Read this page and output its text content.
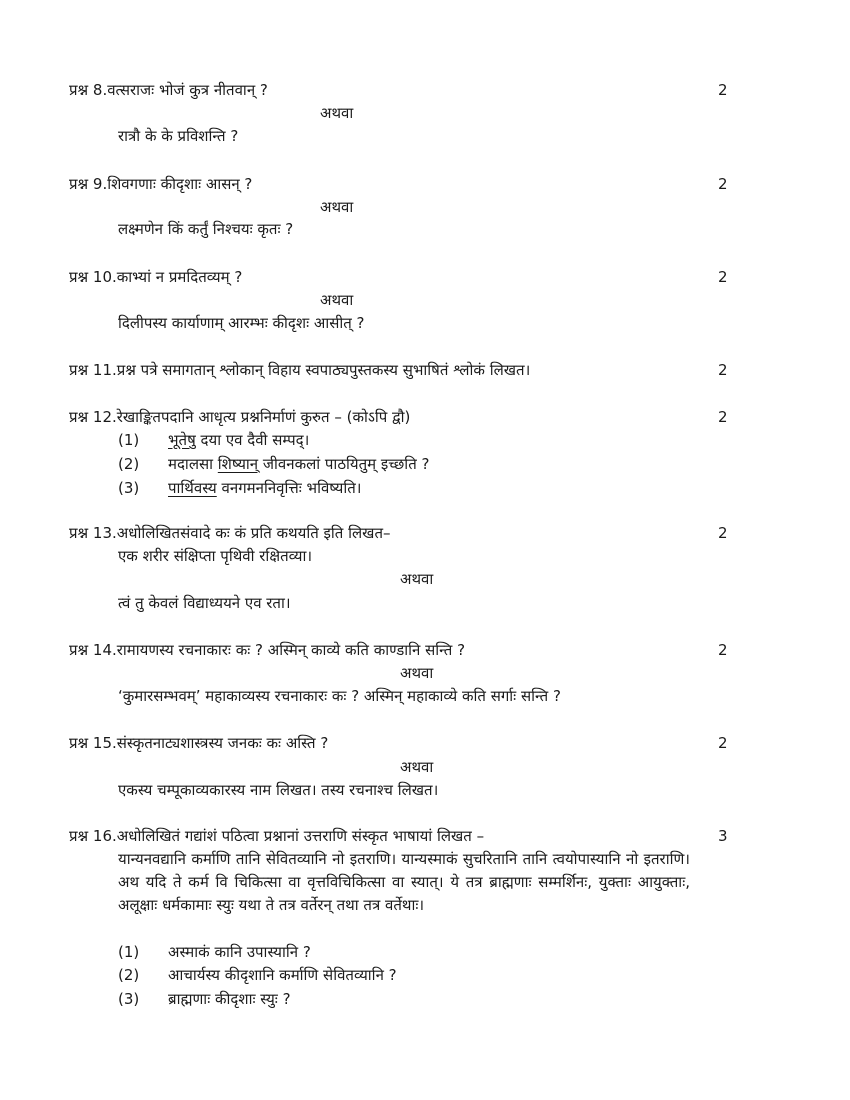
प्रश्न 8.वत्सराजः भोजं कुत्र नीतवान् ?	2
अथवा
रात्रौ के के प्रविशन्ति ?
प्रश्न 9.शिवगणाः कीदृशाः आसन् ?	2
अथवा
लक्ष्मणेन किं कर्तुं निश्चयः कृतः ?
प्रश्न 10.काभ्यां न प्रमदितव्यम् ?	2
अथवा
दिलीपस्य कार्याणाम् आरम्भः कीदृशः आसीत् ?
प्रश्न 11.प्रश्न पत्रे समागतान् श्लोकान् विहाय स्वपाठ्यपुस्तकस्य सुभाषितं श्लोकं लिखत।	2
प्रश्न 12.रेखाङ्कितपदानि आधृत्य प्रश्ननिर्माणं कुरुत – (कोऽपि द्वौ)	2
(1) भूतेषु दया एव दैवी सम्पद्।
(2) मदालसा शिष्यान् जीवनकलां पाठयितुम् इच्छति ?
(3) पार्थिवस्य वनगमननिवृत्तिः भविष्यति।
प्रश्न 13.अधोलिखितसंवादे कः कं प्रति कथयति इति लिखत–	2
एक शरीर संक्षिप्ता पृथिवी रक्षितव्या।
अथवा
त्वं तु केवलं विद्याध्ययने एव रता।
प्रश्न 14.रामायणस्य रचनाकारः कः ? अस्मिन् काव्ये कति काण्डानि सन्ति ?	2
अथवा
‘कुमारसम्भवम्’ महाकाव्यस्य रचनाकारः कः ? अस्मिन् महाकाव्ये कति सर्गाः सन्ति ?
प्रश्न 15.संस्कृतनाट्यशास्त्रस्य जनकः कः अस्ति ?	2
अथवा
एकस्य चम्पूकाव्यकारस्य नाम लिखत। तस्य रचनाश्च लिखत।
प्रश्न 16.अधोलिखितं गद्यांशं पठित्वा प्रश्नानां उत्तराणि संस्कृत भाषायां लिखत –	3
यान्यनवद्यानि कर्माणि तानि सेवितव्यानि नो इतराणि। यान्यस्माकं सुचरितानि तानि त्वयोपास्यानि नो इतराणि। अथ यदि ते कर्म वि चिकित्सा वा वृत्तविचिकित्सा वा स्यात्। ये तत्र ब्राह्मणाः सम्मर्शिनः, युक्ताः आयुक्ताः, अलूक्षाः धर्मकामाः स्युः यथा ते तत्र वर्तेरन् तथा तत्र वर्तेथाः।
(1) अस्माकं कानि उपास्यानि ?
(2) आचार्यस्य कीदृशानि कर्माणि सेवितव्यानि ?
(3) ब्राह्मणाः कीदृशाः स्युः ?
